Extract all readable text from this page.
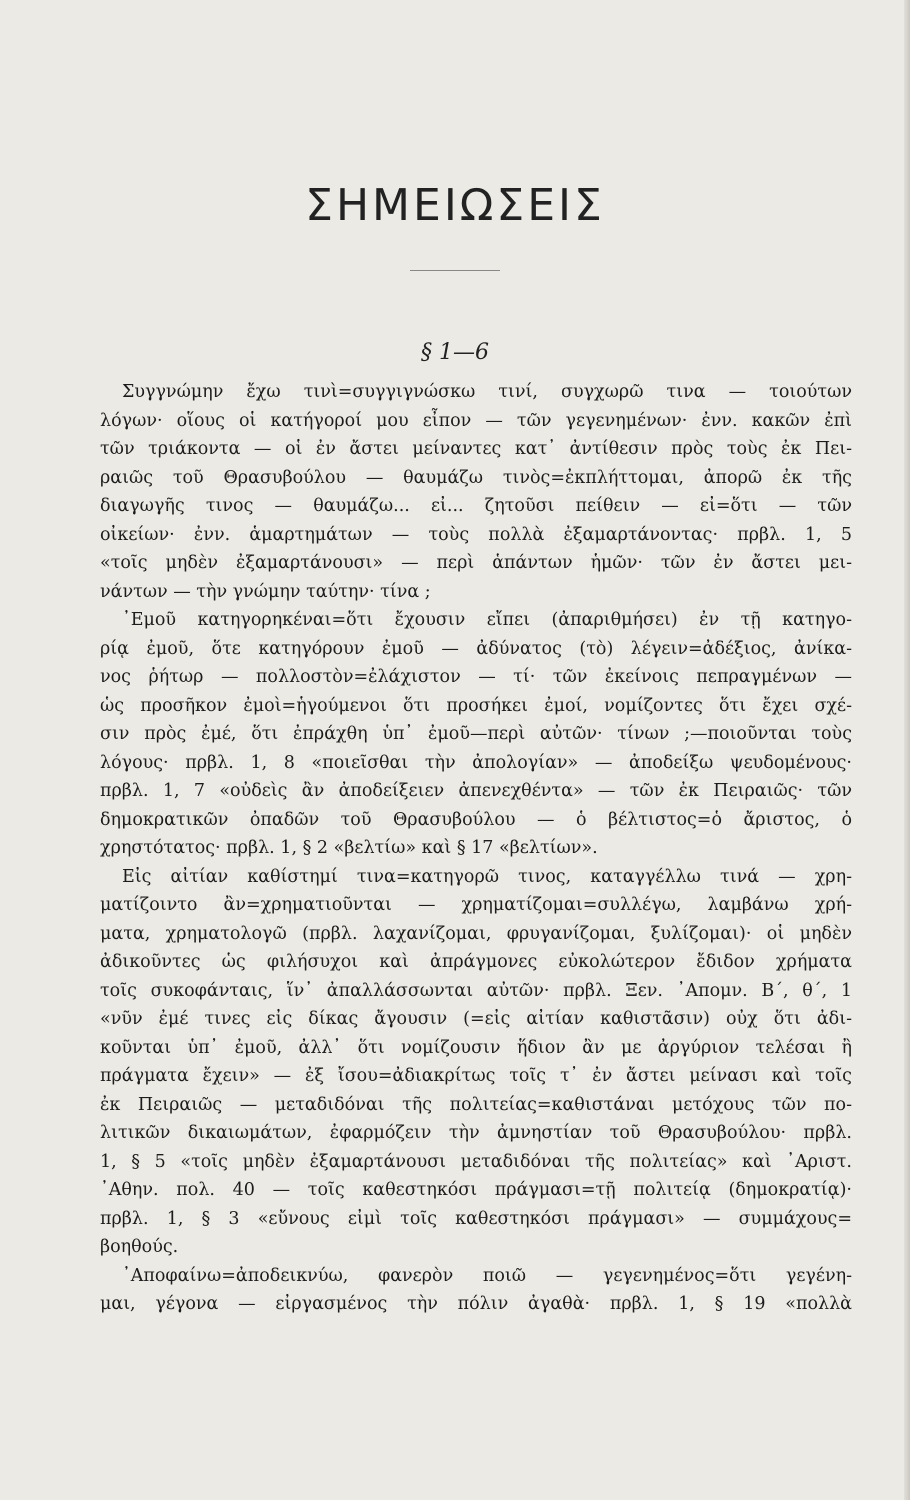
ΣΗΜΕΙΩΣΕΙΣ
§ 1—6
Συγγνώμην ἔχω τινὶ=συγγιγνώσκω τινί, συγχωρῶ τινα — τοιούτων
λόγων· οἵους οἱ κατήγοροί μου εἶπον — τῶν γεγενημένων· ἐνν. κακῶν ἐπὶ
τῶν τριάκοντα — οἱ ἐν ἄστει μείναντες κατ᾽ ἀντίθεσιν πρὸς τοὺς ἐκ Πει-
ραιῶς τοῦ Θρασυβούλου — θαυμάζω τινὸς=ἐκπλήττομαι, ἀπορῶ ἐκ τῆς
διαγωγῆς τινος — θαυμάζω... εἰ... ζητοῦσι πείθειν — εἰ=ὅτι — τῶν
οἰκείων· ἐνν. ἁμαρτημάτων — τοὺς πολλὰ ἐξαμαρτάνοντας· πρβλ. 1, 5
«τοῖς μηδὲν ἐξαμαρτάνουσι» — περὶ ἁπάντων ἡμῶν· τῶν ἐν ἄστει μει-
νάντων — τὴν γνώμην ταύτην· τίνα ;
᾿Εμοῦ κατηγορηκέναι=ὅτι ἔχουσιν εἴπει (ἀπαριθμήσει) ἐν τῇ κατηγο-
ρίᾳ ἐμοῦ, ὅτε κατηγόρουν ἐμοῦ — ἀδύνατος (τὸ) λέγειν=ἀδέξιος, ἀνίκα-
νος ῥήτωρ — πολλοστὸν=ἐλάχιστον — τί· τῶν ἐκείνοις πεπραγμένων —
ὡς προσῆκον ἐμοὶ=ἡγούμενοι ὅτι προσήκει ἐμοί, νομίζοντες ὅτι ἔχει σχέ-
σιν πρὸς ἐμέ, ὅτι ἐπράχθη ὑπ᾽ ἐμοῦ—περὶ αὐτῶν· τίνων ;—ποιοῦνται τοὺς
λόγους· πρβλ. 1, 8 «ποιεῖσθαι τὴν ἀπολογίαν» — ἀποδείξω ψευδομένους·
πρβλ. 1, 7 «οὐδεὶς ἂν ἀποδείξειεν ἀπενεχθέντα» — τῶν ἐκ Πειραιῶς· τῶν
δημοκρατικῶν ὀπαδῶν τοῦ Θρασυβούλου — ὁ βέλτιστος=ὁ ἄριστος, ὁ
χρηστότατος· πρβλ. 1, § 2 «βελτίω» καὶ § 17 «βελτίων».
Εἰς αἰτίαν καθίστημί τινα=κατηγορῶ τινος, καταγγέλλω τινά — χρη-
ματίζοιντο ἂν=χρηματιοῦνται — χρηματίζομαι=συλλέγω, λαμβάνω χρή-
ματα, χρηματολογῶ (πρβλ. λαχανίζομαι, φρυγανίζομαι, ξυλίζομαι)· οἱ μηδὲν
ἀδικοῦντες ὡς φιλήσυχοι καὶ ἀπράγμονες εὐκολώτερον ἔδιδον χρήματα
τοῖς συκοφάνταις, ἵν᾽ ἀπαλλάσσωνται αὐτῶν· πρβλ. Ξεν. ᾿Απομν. Β΄, θ΄, 1
«νῦν ἐμέ τινες εἰς δίκας ἄγουσιν (=εἰς αἰτίαν καθιστᾶσιν) οὐχ ὅτι ἀδι-
κοῦνται ὑπ᾽ ἐμοῦ, ἀλλ᾽ ὅτι νομίζουσιν ἥδιον ἂν με ἀργύριον τελέσαι ἢ
πράγματα ἔχειν» — ἐξ ἴσου=ἀδιακρίτως τοῖς τ᾽ ἐν ἄστει μείνασι καὶ τοῖς
ἐκ Πειραιῶς — μεταδιδόναι τῆς πολιτείας=καθιστάναι μετόχους τῶν πο-
λιτικῶν δικαιωμάτων, ἐφαρμόζειν τὴν ἀμνηστίαν τοῦ Θρασυβούλου· πρβλ.
1, § 5 «τοῖς μηδὲν ἐξαμαρτάνουσι μεταδιδόναι τῆς πολιτείας» καὶ ᾿Αριστ.
᾿Αθην. πολ. 40 — τοῖς καθεστηκόσι πράγμασι=τῇ πολιτείᾳ (δημοκρατίᾳ)·
πρβλ. 1, § 3 «εὔνους εἰμὶ τοῖς καθεστηκόσι πράγμασι» — συμμάχους=
βοηθούς.
᾿Αποφαίνω=ἀποδεικνύω, φανερὸν ποιῶ — γεγενημένος=ὅτι γεγένη-
μαι, γέγονα — εἰργασμένος τὴν πόλιν ἀγαθὰ· πρβλ. 1, § 19 «πολλὰ
